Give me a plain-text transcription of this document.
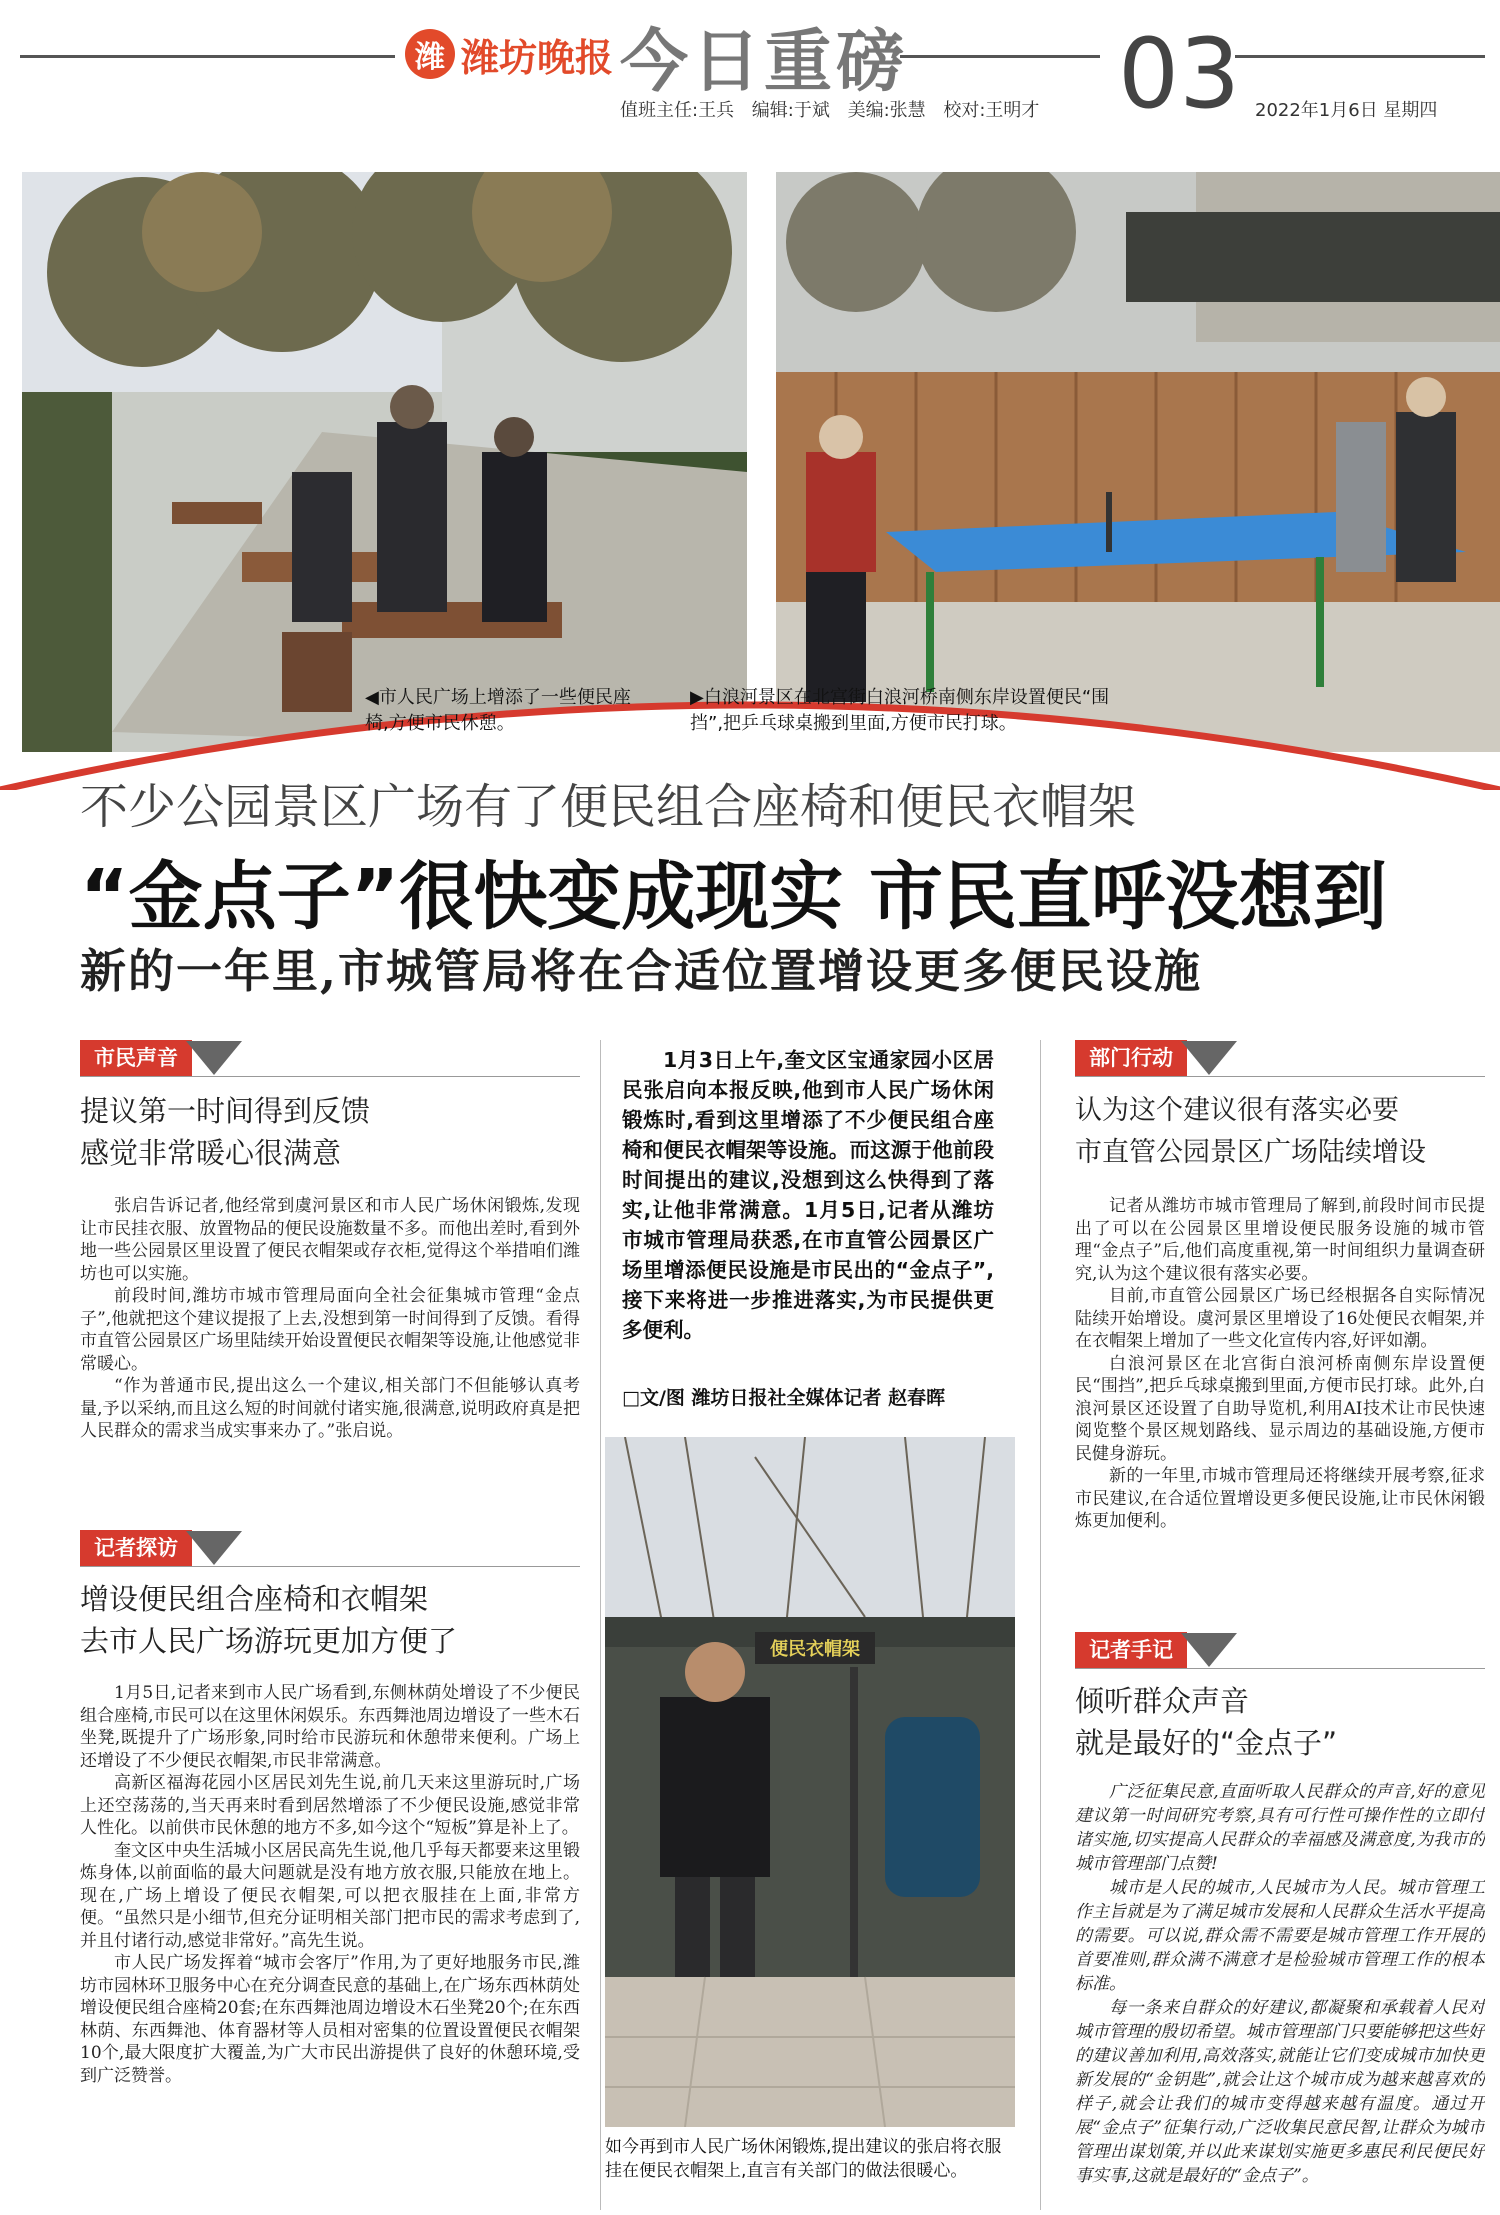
潍 潍坊晚报 今日重磅 03
值班主任:王兵 编辑:于斌 美编:张慧 校对:王明才	2022年1月6日 星期四
◀市人民广场上增添了一些便民座椅,方便市民休憩。
▶白浪河景区在北宫街白浪河桥南侧东岸设置便民“围挡”,把乒乓球桌搬到里面,方便市民打球。
不少公园景区广场有了便民组合座椅和便民衣帽架
“金点子”很快变成现实 市民直呼没想到
新的一年里,市城管局将在合适位置增设更多便民设施
市民声音
提议第一时间得到反馈
感觉非常暖心很满意

张启告诉记者,他经常到虞河景区和市人民广场休闲锻炼,发现让市民挂衣服、放置物品的便民设施数量不多。而他出差时,看到外地一些公园景区里设置了便民衣帽架或存衣柜,觉得这个举措咱们潍坊也可以实施。

前段时间,潍坊市城市管理局面向全社会征集城市管理“金点子”,他就把这个建议提报了上去,没想到第一时间得到了反馈。看得市直管公园景区广场里陆续开始设置便民衣帽架等设施,让他感觉非常暖心。

“作为普通市民,提出这么一个建议,相关部门不但能够认真考量,予以采纳,而且这么短的时间就付诸实施,很满意,说明政府真是把人民群众的需求当成实事来办了。”张启说。

记者探访
增设便民组合座椅和衣帽架
去市人民广场游玩更加方便了

1月5日,记者来到市人民广场看到,东侧林荫处增设了不少便民组合座椅,市民可以在这里休闲娱乐。东西舞池周边增设了一些木石坐凳,既提升了广场形象,同时给市民游玩和休憩带来便利。广场上还增设了不少便民衣帽架,市民非常满意。

高新区福海花园小区居民刘先生说,前几天来这里游玩时,广场上还空荡荡的,当天再来时看到居然增添了不少便民设施,感觉非常人性化。以前供市民休憩的地方不多,如今这个“短板”算是补上了。

奎文区中央生活城小区居民高先生说,他几乎每天都要来这里锻炼身体,以前面临的最大问题就是没有地方放衣服,只能放在地上。现在,广场上增设了便民衣帽架,可以把衣服挂在上面,非常方便。“虽然只是小细节,但充分证明相关部门把市民的需求考虑到了,并且付诸行动,感觉非常好。”高先生说。

市人民广场发挥着“城市会客厅”作用,为了更好地服务市民,潍坊市园林环卫服务中心在充分调查民意的基础上,在广场东西林荫处增设便民组合座椅20套;在东西舞池周边增设木石坐凳20个;在东西林荫、东西舞池、体育器材等人员相对密集的位置设置便民衣帽架10个,最大限度扩大覆盖,为广大市民出游提供了良好的休憩环境,受到广泛赞誉。

1月3日上午,奎文区宝通家园小区居民张启向本报反映,他到市人民广场休闲锻炼时,看到这里增添了不少便民组合座椅和便民衣帽架等设施。而这源于他前段时间提出的建议,没想到这么快得到了落实,让他非常满意。1月5日,记者从潍坊市城市管理局获悉,在市直管公园景区广场里增添便民设施是市民出的“金点子”,接下来将进一步推进落实,为市民提供更多便利。

□文/图 潍坊日报社全媒体记者 赵春晖
便民衣帽架
如今再到市人民广场休闲锻炼,提出建议的张启将衣服挂在便民衣帽架上,直言有关部门的做法很暖心。
部门行动
认为这个建议很有落实必要
市直管公园景区广场陆续增设

记者从潍坊市城市管理局了解到,前段时间市民提出了可以在公园景区里增设便民服务设施的城市管理“金点子”后,他们高度重视,第一时间组织力量调查研究,认为这个建议很有落实必要。

目前,市直管公园景区广场已经根据各自实际情况陆续开始增设。虞河景区里增设了16处便民衣帽架,并在衣帽架上增加了一些文化宣传内容,好评如潮。

白浪河景区在北宫街白浪河桥南侧东岸设置便民“围挡”,把乒乓球桌搬到里面,方便市民打球。此外,白浪河景区还设置了自助导览机,利用AI技术让市民快速阅览整个景区规划路线、显示周边的基础设施,方便市民健身游玩。

新的一年里,市城市管理局还将继续开展考察,征求市民建议,在合适位置增设更多便民设施,让市民休闲锻炼更加便利。

记者手记
倾听群众声音
就是最好的“金点子”

广泛征集民意,直面听取人民群众的声音,好的意见建议第一时间研究考察,具有可行性可操作性的立即付诸实施,切实提高人民群众的幸福感及满意度,为我市的城市管理部门点赞!

城市是人民的城市,人民城市为人民。城市管理工作主旨就是为了满足城市发展和人民群众生活水平提高的需要。可以说,群众需不需要是城市管理工作开展的首要准则,群众满不满意才是检验城市管理工作的根本标准。

每一条来自群众的好建议,都凝聚和承载着人民对城市管理的殷切希望。城市管理部门只要能够把这些好的建议善加利用,高效落实,就能让它们变成城市加快更新发展的“金钥匙”,就会让这个城市成为越来越喜欢的样子,就会让我们的城市变得越来越有温度。通过开展“金点子”征集行动,广泛收集民意民智,让群众为城市管理出谋划策,并以此来谋划实施更多惠民利民便民好事实事,这就是最好的“金点子”。
